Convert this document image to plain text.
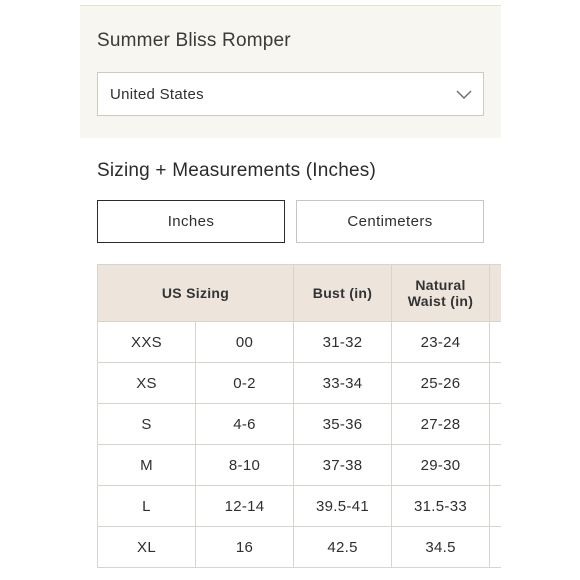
Summer Bliss Romper
United States
Sizing + Measurements (Inches)
Inches	Centimeters
US Sizing		Bust (in)	Natural
Waist (in)	
XXS	00	31-32	23-24	
XS	0-2	33-34	25-26	
S	4-6	35-36	27-28	
M	8-10	37-38	29-30	
L	12-14	39.5-41	31.5-33	
XL	16	42.5	34.5	
